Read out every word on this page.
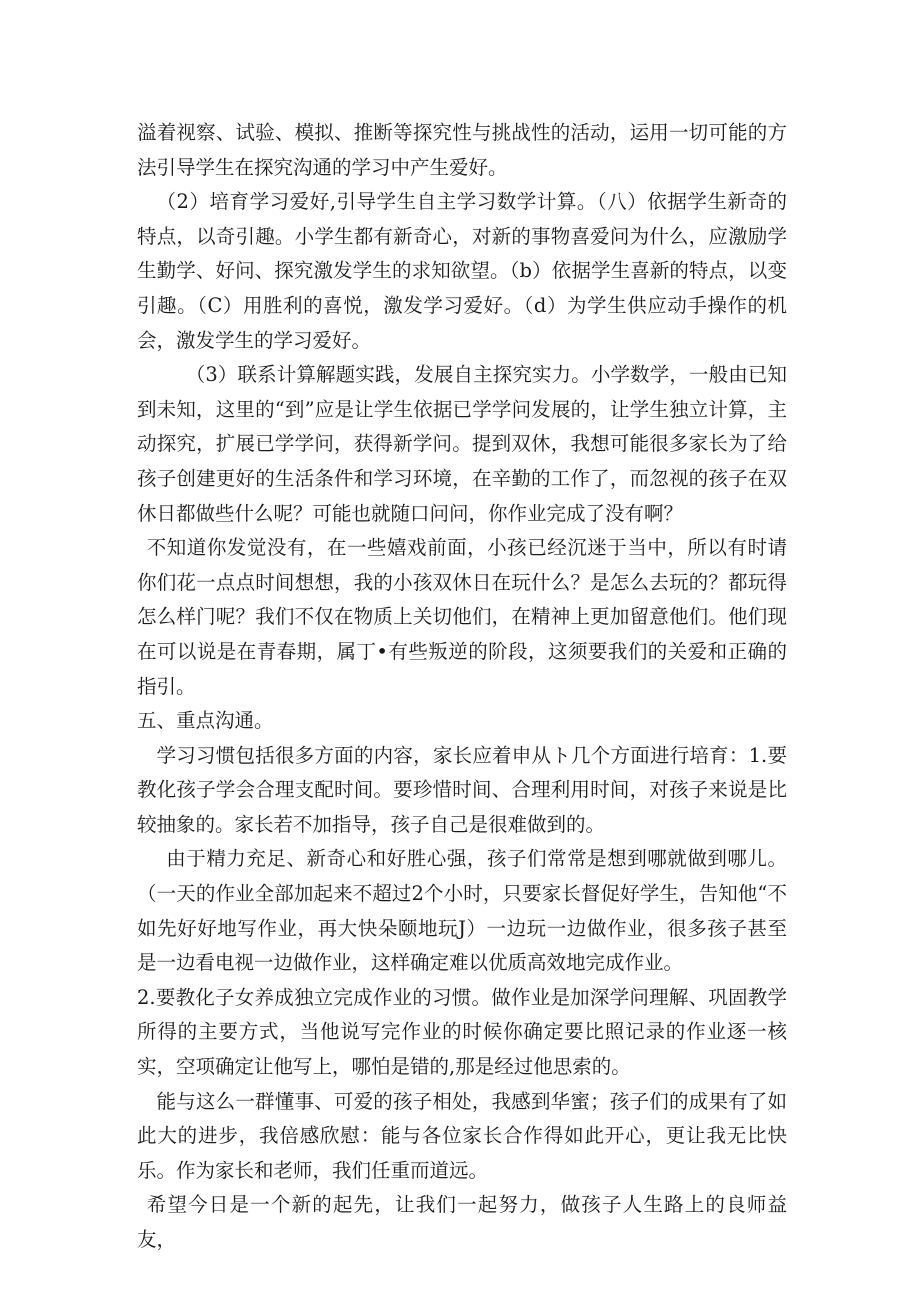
溢着视察、试验、模拟、推断等探究性与挑战性的活动，运用一切可能的方法引导学生在探究沟通的学习中产生爱好。

（2）培育学习爱好,引导学生自主学习数学计算。（八）依据学生新奇的特点，以奇引趣。小学生都有新奇心，对新的事物喜爱问为什么，应激励学生勤学、好问、探究激发学生的求知欲望。（b）依据学生喜新的特点，以变引趣。（C）用胜利的喜悦，激发学习爱好。（d）为学生供应动手操作的机会，激发学生的学习爱好。

（3）联系计算解题实践，发展自主探究实力。小学数学，一般由已知到未知，这里的“到”应是让学生依据已学学问发展的，让学生独立计算，主动探究，扩展已学学问，获得新学问。提到双休，我想可能很多家长为了给孩子创建更好的生活条件和学习环境，在辛勤的工作了，而忽视的孩子在双休日都做些什么呢？可能也就随口问问，你作业完成了没有啊？

不知道你发觉没有，在一些嬉戏前面，小孩已经沉迷于当中，所以有时请你们花一点点时间想想，我的小孩双休日在玩什么？是怎么去玩的？都玩得怎么样门呢？我们不仅在物质上关切他们，在精神上更加留意他们。他们现在可以说是在青春期，属丁•有些叛逆的阶段，这须要我们的关爱和正确的指引。

五、重点沟通。

学习习惯包括很多方面的内容，家长应着申从ト几个方面进行培育：1.要教化孩子学会合理支配时间。要珍惜时间、合理利用时间，对孩子来说是比较抽象的。家长若不加指导，孩子自己是很难做到的。

由于精力充足、新奇心和好胜心强，孩子们常常是想到哪就做到哪儿。（一天的作业全部加起来不超过2个小时，只要家长督促好学生，告知他“不如先好好地写作业，再大快朵颐地玩J）一边玩一边做作业，很多孩子甚至是一边看电视一边做作业，这样确定难以优质高效地完成作业。

2.要教化子女养成独立完成作业的习惯。做作业是加深学问理解、巩固教学所得的主要方式，当他说写完作业的时候你确定要比照记录的作业逐一核实，空项确定让他写上，哪怕是错的,那是经过他思索的。

能与这么一群懂事、可爱的孩子相处，我感到华蜜；孩子们的成果有了如此大的进步，我倍感欣慰：能与各位家长合作得如此开心，更让我无比快乐。作为家长和老师，我们任重而道远。

希望今日是一个新的起先，让我们一起努力，做孩子人生路上的良师益友，
